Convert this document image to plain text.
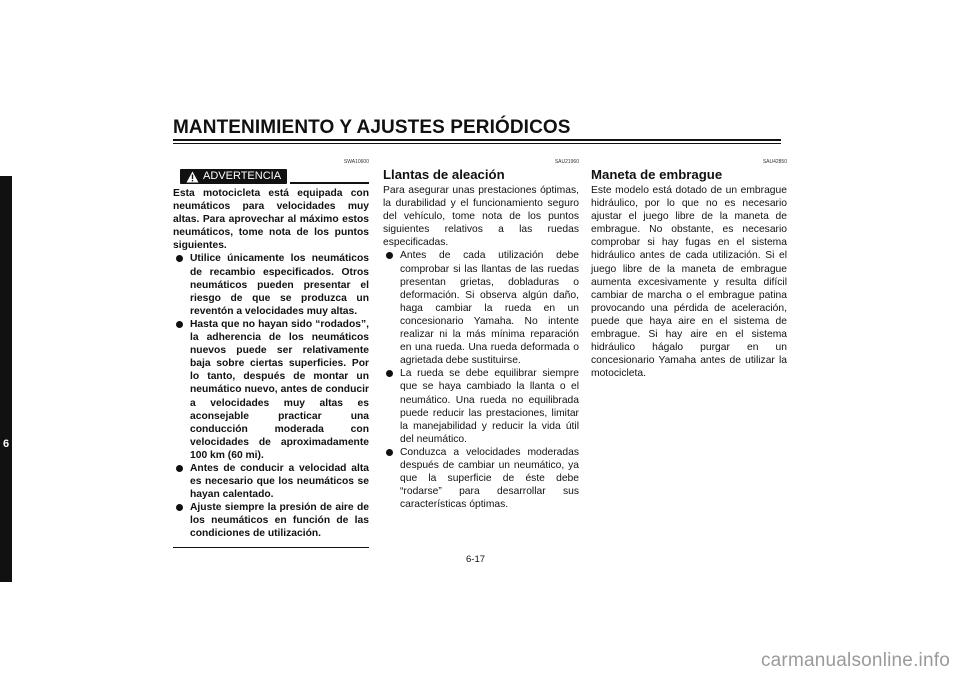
MANTENIMIENTO Y AJUSTES PERIÓDICOS
6
SWA10600
ADVERTENCIA
Esta motocicleta está equipada con neumáticos para velocidades muy altas. Para aprovechar al máximo estos neumáticos, tome nota de los puntos siguientes.
Utilice únicamente los neumáticos de recambio especificados. Otros neumáticos pueden presentar el riesgo de que se produzca un reventón a velocidades muy altas.
Hasta que no hayan sido “rodados”, la adherencia de los neumáticos nuevos puede ser relativamente baja sobre ciertas superficies. Por lo tanto, después de montar un neumático nuevo, antes de conducir a velocidades muy altas es aconsejable practicar una conducción moderada con velocidades de aproximadamente 100 km (60 mi).
Antes de conducir a velocidad alta es necesario que los neumáticos se hayan calentado.
Ajuste siempre la presión de aire de los neumáticos en función de las condiciones de utilización.
SAU21960
Llantas de aleación
Para asegurar unas prestaciones óptimas, la durabilidad y el funcionamiento seguro del vehículo, tome nota de los puntos siguientes relativos a las ruedas especificadas.
Antes de cada utilización debe comprobar si las llantas de las ruedas presentan grietas, dobladuras o deformación. Si observa algún daño, haga cambiar la rueda en un concesionario Yamaha. No intente realizar ni la más mínima reparación en una rueda. Una rueda deformada o agrietada debe sustituirse.
La rueda se debe equilibrar siempre que se haya cambiado la llanta o el neumático. Una rueda no equilibrada puede reducir las prestaciones, limitar la manejabilidad y reducir la vida útil del neumático.
Conduzca a velocidades moderadas después de cambiar un neumático, ya que la superficie de éste debe “rodarse” para desarrollar sus características óptimas.
SAU42850
Maneta de embrague
Este modelo está dotado de un embrague hidráulico, por lo que no es necesario ajustar el juego libre de la maneta de embrague. No obstante, es necesario comprobar si hay fugas en el sistema hidráulico antes de cada utilización. Si el juego libre de la maneta de embrague aumenta excesivamente y resulta difícil cambiar de marcha o el embrague patina provocando una pérdida de aceleración, puede que haya aire en el sistema de embrague. Si hay aire en el sistema hidráulico hágalo purgar en un concesionario Yamaha antes de utilizar la motocicleta.
6-17
carmanualsonline.info
